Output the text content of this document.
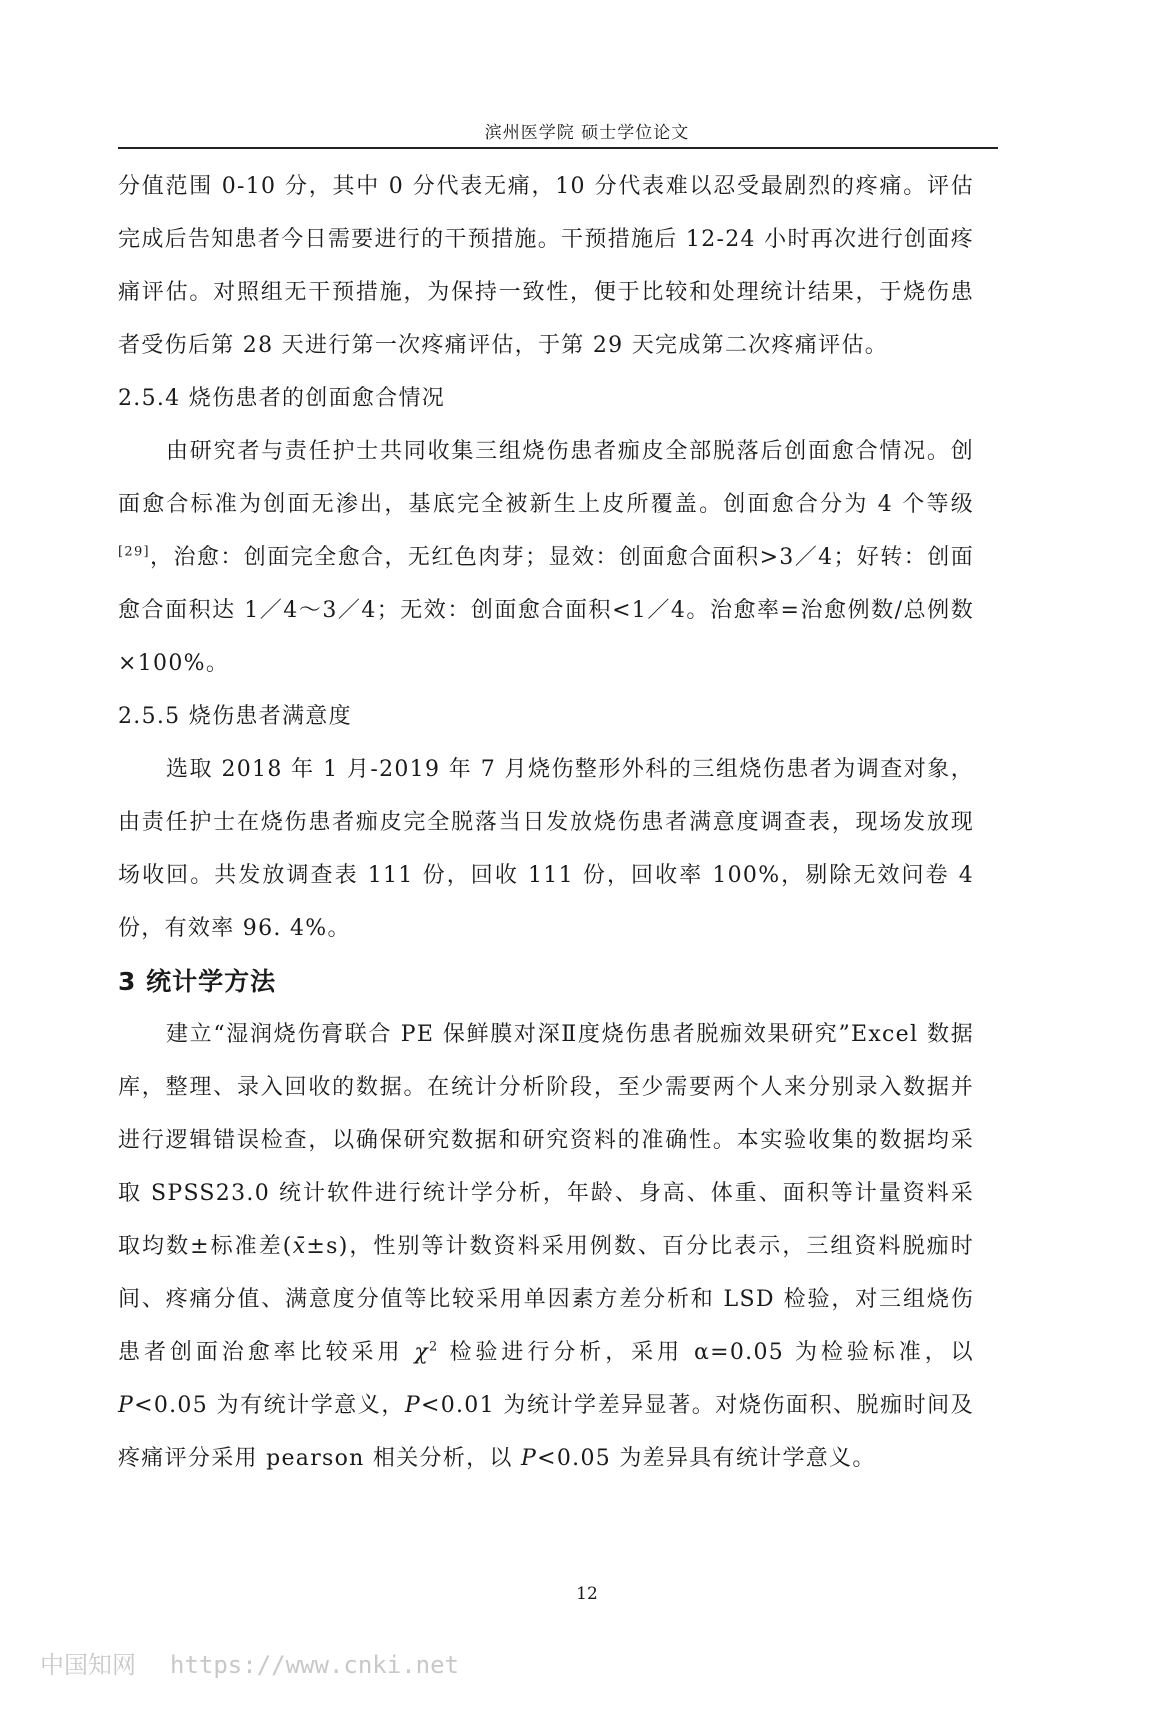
滨州医学院 硕士学位论文

分值范围 0-10 分，其中 0 分代表无痛，10 分代表难以忍受最剧烈的疼痛。评估完成后告知患者今日需要进行的干预措施。干预措施后 12-24 小时再次进行创面疼痛评估。对照组无干预措施，为保持一致性，便于比较和处理统计结果，于烧伤患者受伤后第 28 天进行第一次疼痛评估，于第 29 天完成第二次疼痛评估。

2.5.4 烧伤患者的创面愈合情况

由研究者与责任护士共同收集三组烧伤患者痂皮全部脱落后创面愈合情况。创面愈合标准为创面无渗出，基底完全被新生上皮所覆盖。创面愈合分为 4 个等级[29]，治愈：创面完全愈合，无红色肉芽；显效：创面愈合面积>3／4；好转：创面愈合面积达 1／4～3／4；无效：创面愈合面积<1／4。治愈率=治愈例数/总例数×100%。

2.5.5 烧伤患者满意度

选取 2018 年 1 月-2019 年 7 月烧伤整形外科的三组烧伤患者为调查对象，由责任护士在烧伤患者痂皮完全脱落当日发放烧伤患者满意度调查表，现场发放现场收回。共发放调查表 111 份，回收 111 份，回收率 100%，剔除无效问卷 4 份，有效率 96. 4%。

3 统计学方法

建立“湿润烧伤膏联合 PE 保鲜膜对深Ⅱ度烧伤患者脱痂效果研究”Excel 数据库，整理、录入回收的数据。在统计分析阶段，至少需要两个人来分别录入数据并进行逻辑错误检查，以确保研究数据和研究资料的准确性。本实验收集的数据均采取 SPSS23.0 统计软件进行统计学分析，年龄、身高、体重、面积等计量资料采取均数±标准差(x̄±s)，性别等计数资料采用例数、百分比表示，三组资料脱痂时间、疼痛分值、满意度分值等比较采用单因素方差分析和 LSD 检验，对三组烧伤患者创面治愈率比较采用 $\chi^2$ 检验进行分析，采用 α=0.05 为检验标准，以 P<0.05 为有统计学意义，P<0.01 为统计学差异显著。对烧伤面积、脱痂时间及疼痛评分采用 pearson 相关分析，以 P<0.05 为差异具有统计学意义。

12
中国知网 https://www.cnki.net
